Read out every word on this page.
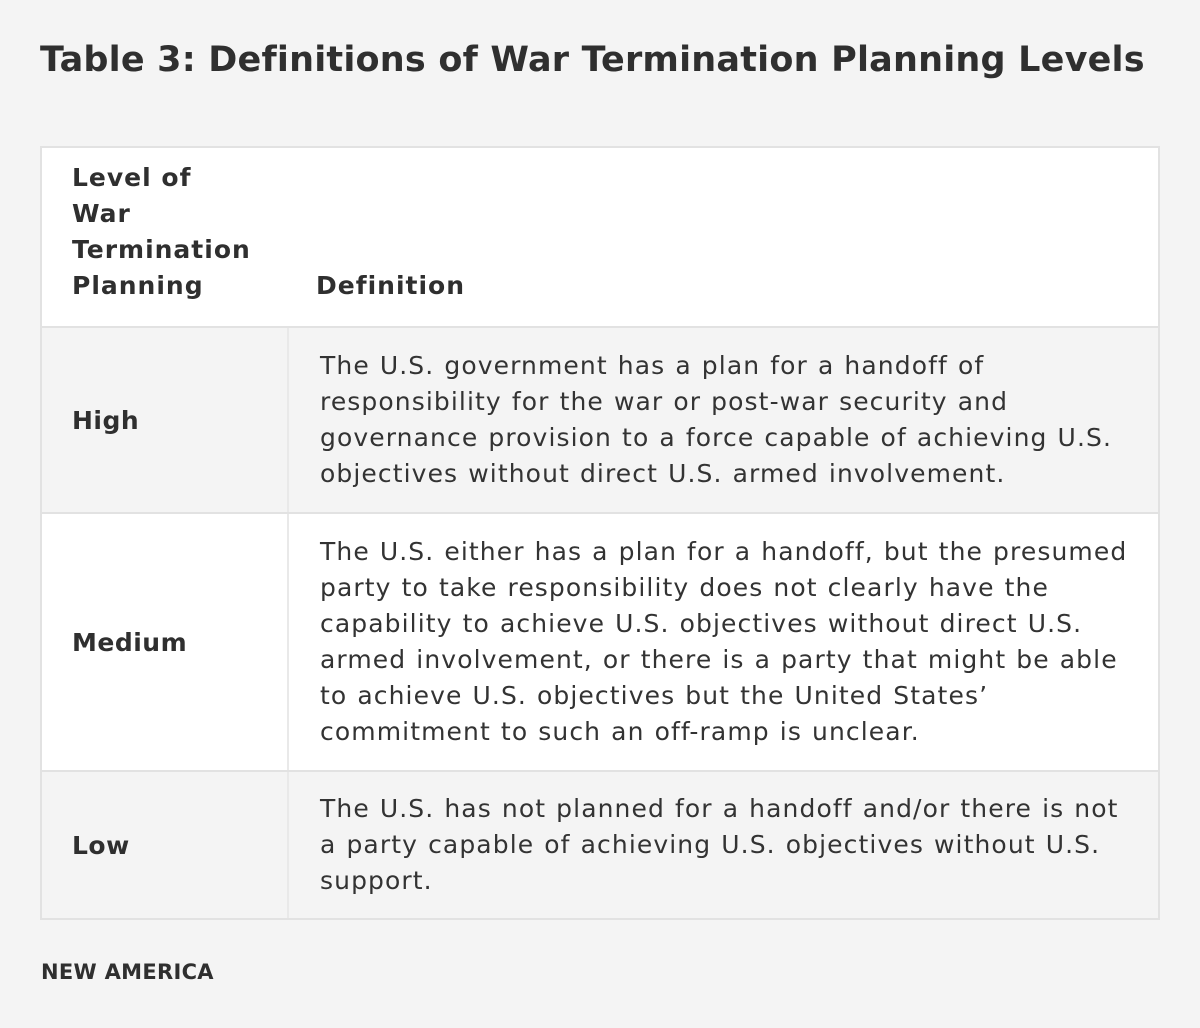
Table 3: Definitions of War Termination Planning Levels
Level of
War
Termination
Planning	Definition
High
The U.S. government has a plan for a handoff of responsibility for the war or post-war security and governance provision to a force capable of achieving U.S. objectives without direct U.S. armed involvement.
Medium
The U.S. either has a plan for a handoff, but the presumed party to take responsibility does not clearly have the capability to achieve U.S. objectives without direct U.S. armed involvement, or there is a party that might be able to achieve U.S. objectives but the United States’ commitment to such an off-ramp is unclear.
Low
The U.S. has not planned for a handoff and/or there is not a party capable of achieving U.S. objectives without U.S. support.
NEW AMERICA
